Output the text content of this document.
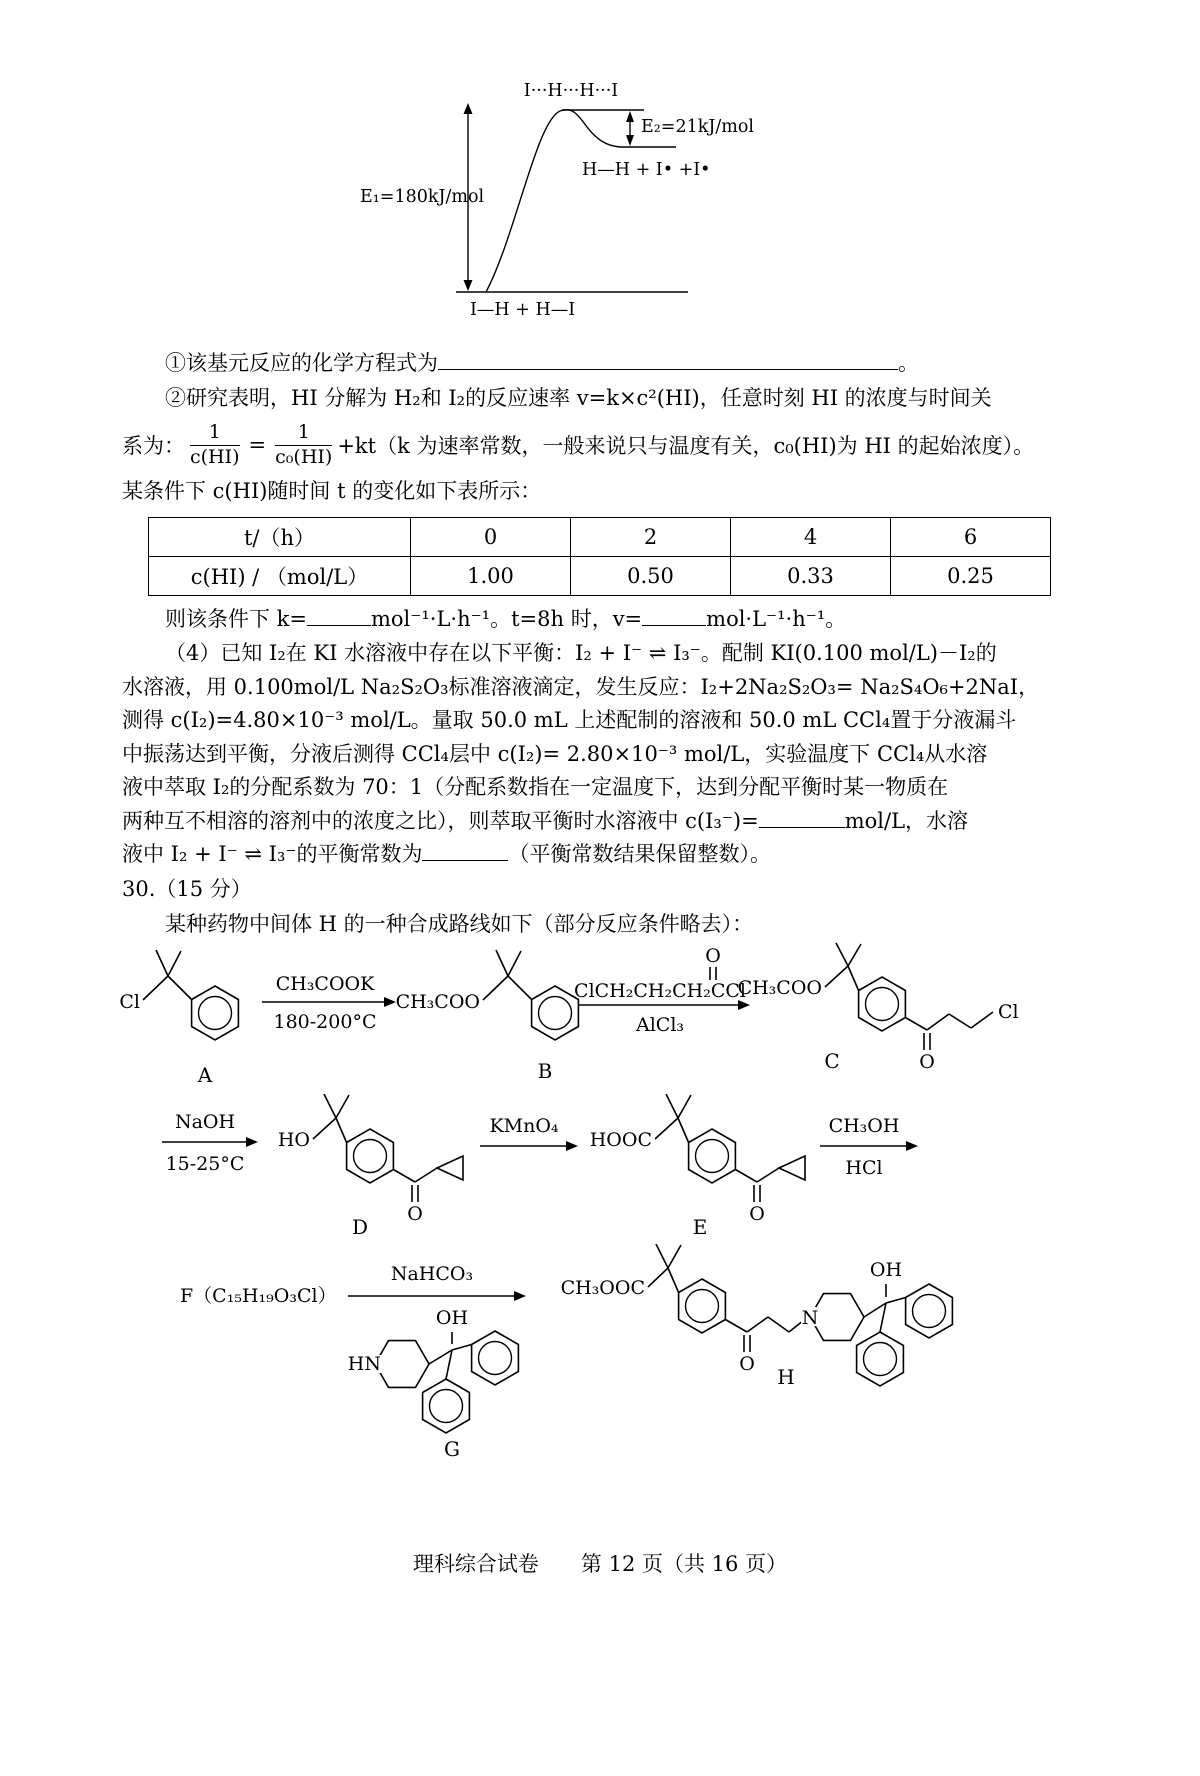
I···H···H···I
E₂=21kJ/mol
H—H + I• +I•
E₁=180kJ/mol
I—H + H—I
①该基元反应的化学方程式为	。
②研究表明，HI 分解为 H₂和 I₂的反应速率 v=k×c²(HI)，任意时刻 HI 的浓度与时间关
系为： $\frac{1}{c(HI)} = \frac{1}{\text{c₀(HI)}} +kt(k$ 为速率常数，一般来说只与温度有关，c₀(HI)为 HI 的起始浓度）。
某条件下 c(HI)随时间 t 的变化如下表所示：
t/（h）	0	2	4	6
c(HI) / （mol/L）	1.00	0.50	0.33	0.25
则该条件下 k=	mol⁻¹·L·h⁻¹。t=8h 时，v=	mol·L⁻¹·h⁻¹。
（4）已知 I₂在 KI 水溶液中存在以下平衡：I₂ + I⁻ ⇌ I₃⁻。配制 KI(0.100 mol/L)－I₂的
水溶液，用 0.100mol/L Na₂S₂O₃标准溶液滴定，发生反应：I₂+2Na₂S₂O₃= Na₂S₄O₆+2NaI，
测得 c(I₂)=4.80×10⁻³ mol/L。量取 50.0 mL 上述配制的溶液和 50.0 mL CCl₄置于分液漏斗
中振荡达到平衡，分液后测得 CCl₄层中 c(I₂)= 2.80×10⁻³ mol/L，实验温度下 CCl₄从水溶
液中萃取 I₂的分配系数为 70：1（分配系数指在一定温度下，达到分配平衡时某一物质在
两种互不相溶的溶剂中的浓度之比），则萃取平衡时水溶液中 c(I₃⁻)=	mol/L，水溶
液中 I₂ + I⁻ ⇌ I₃⁻的平衡常数为	（平衡常数结果保留整数）。
30.（15 分）
某种药物中间体 H 的一种合成路线如下（部分反应条件略去）：
Cl
A
CH₃COOK
180-200°C
CH₃COO
B
O
ClCH₂CH₂CH₂CCl
AlCl₃
CH₃COO
O
Cl
C
NaOH
15-25°C
HO
O
D
KMnO₄
HOOC
O
E
CH₃OH
HCl
F（C₁₅H₁₉O₃Cl）
NaHCO₃
HN
OH
G
CH₃OOC
O
N
OH
H
理科综合试卷　　第 12 页（共 16 页）
